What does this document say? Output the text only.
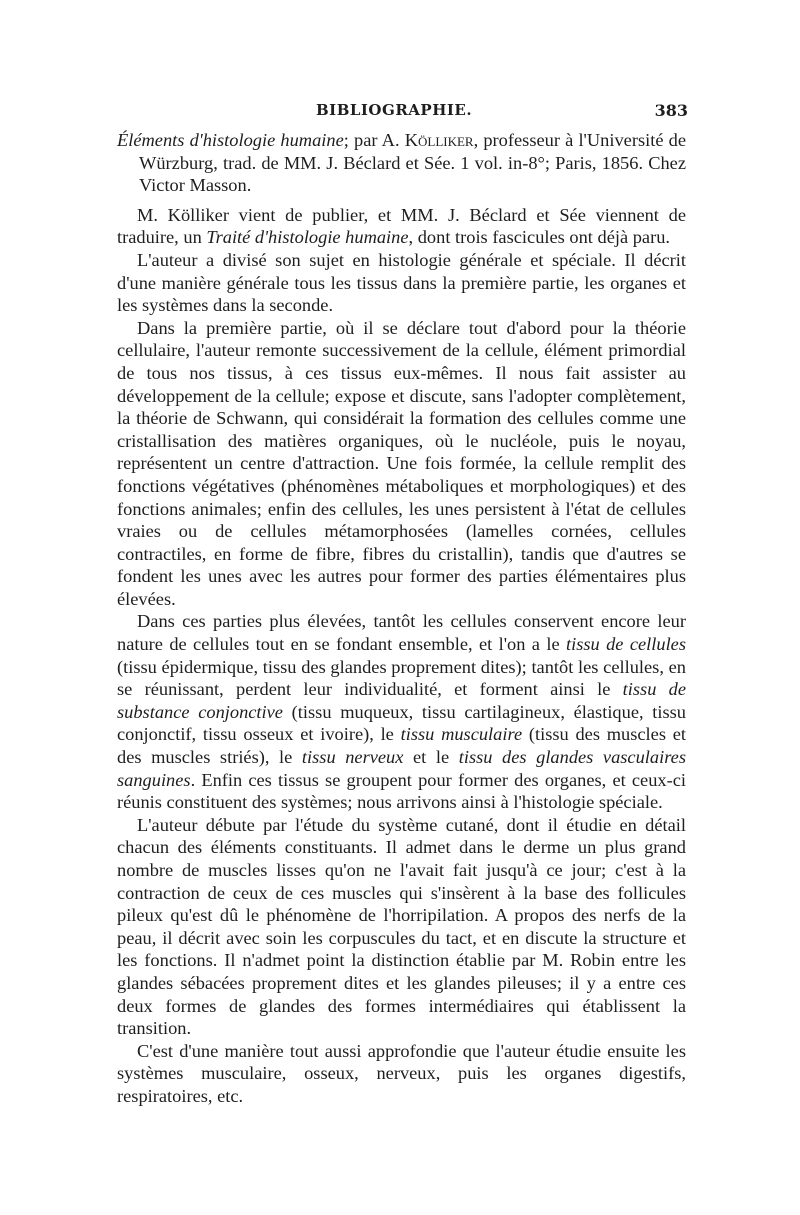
BIBLIOGRAPHIE.	383

Éléments d'histologie humaine; par A. Kölliker, professeur à l'Université de Würzburg, trad. de MM. J. Béclard et Sée. 1 vol. in-8°; Paris, 1856. Chez Victor Masson.

M. Kölliker vient de publier, et MM. J. Béclard et Sée viennent de traduire, un Traité d'histologie humaine, dont trois fascicules ont déjà paru.

L'auteur a divisé son sujet en histologie générale et spéciale. Il décrit d'une manière générale tous les tissus dans la première partie, les organes et les systèmes dans la seconde.

Dans la première partie, où il se déclare tout d'abord pour la théorie cellulaire, l'auteur remonte successivement de la cellule, élément primordial de tous nos tissus, à ces tissus eux-mêmes. Il nous fait assister au développement de la cellule; expose et discute, sans l'adopter complètement, la théorie de Schwann, qui considérait la formation des cellules comme une cristallisation des matières organiques, où le nucléole, puis le noyau, représentent un centre d'attraction. Une fois formée, la cellule remplit des fonctions végétatives (phénomènes métaboliques et morphologiques) et des fonctions animales; enfin des cellules, les unes persistent à l'état de cellules vraies ou de cellules métamorphosées (lamelles cornées, cellules contractiles, en forme de fibre, fibres du cristallin), tandis que d'autres se fondent les unes avec les autres pour former des parties élémentaires plus élevées.

Dans ces parties plus élevées, tantôt les cellules conservent encore leur nature de cellules tout en se fondant ensemble, et l'on a le tissu de cellules (tissu épidermique, tissu des glandes proprement dites); tantôt les cellules, en se réunissant, perdent leur individualité, et forment ainsi le tissu de substance conjonctive (tissu muqueux, tissu cartilagineux, élastique, tissu conjonctif, tissu osseux et ivoire), le tissu musculaire (tissu des muscles et des muscles striés), le tissu nerveux et le tissu des glandes vasculaires sanguines. Enfin ces tissus se groupent pour former des organes, et ceux-ci réunis constituent des systèmes; nous arrivons ainsi à l'histologie spéciale.

L'auteur débute par l'étude du système cutané, dont il étudie en détail chacun des éléments constituants. Il admet dans le derme un plus grand nombre de muscles lisses qu'on ne l'avait fait jusqu'à ce jour; c'est à la contraction de ceux de ces muscles qui s'insèrent à la base des follicules pileux qu'est dû le phénomène de l'horripilation. A propos des nerfs de la peau, il décrit avec soin les corpuscules du tact, et en discute la structure et les fonctions. Il n'admet point la distinction établie par M. Robin entre les glandes sébacées proprement dites et les glandes pileuses; il y a entre ces deux formes de glandes des formes intermédiaires qui établissent la transition.

C'est d'une manière tout aussi approfondie que l'auteur étudie ensuite les systèmes musculaire, osseux, nerveux, puis les organes digestifs, respiratoires, etc.
